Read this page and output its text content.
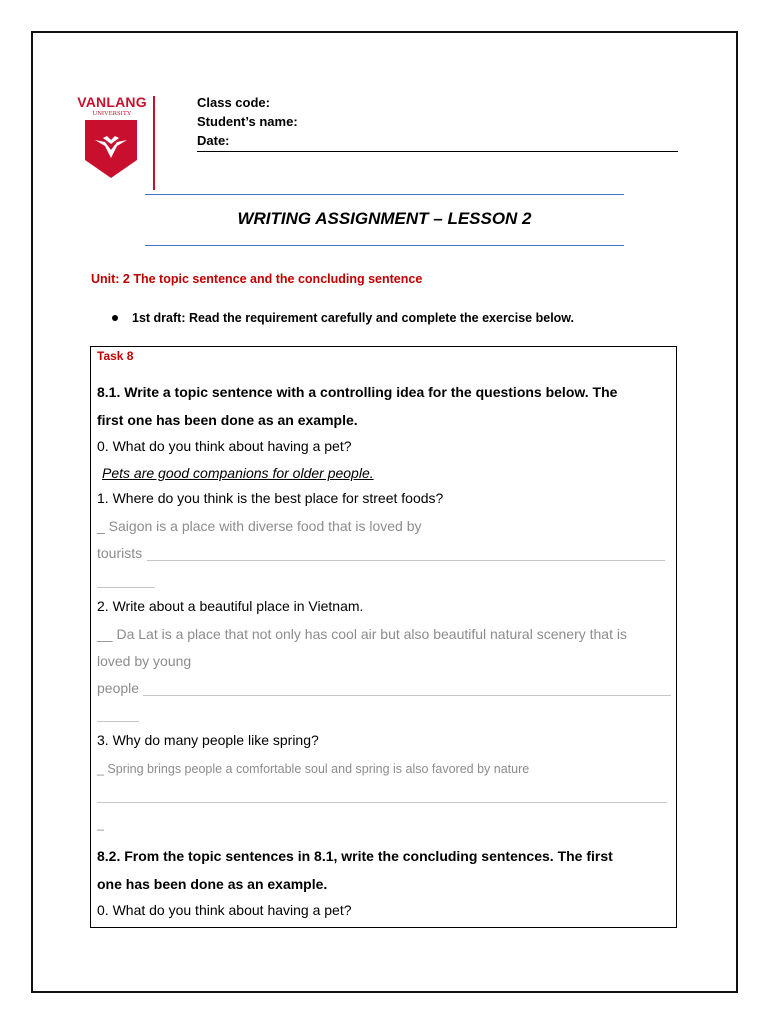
VANLANG
UNIVERSITY
Class code:
Student’s name:
Date:
WRITING ASSIGNMENT – LESSON 2
Unit: 2 The topic sentence and the concluding sentence
1st draft: Read the requirement carefully and complete the exercise below.
Task 8
8.1. Write a topic sentence with a controlling idea for the questions below. The
first one has been done as an example.
0. What do you think about having a pet?
Pets are good companions for older people.
1. Where do you think is the best place for street foods?
_ Saigon is a place with diverse food that is loved by
tourists
2. Write about a beautiful place in Vietnam.
__ Da Lat is a place that not only has cool air but also beautiful natural scenery that is
loved by young
people
3. Why do many people like spring?
_ Spring brings people a comfortable soul and spring is also favored by nature
_
8.2. From the topic sentences in 8.1, write the concluding sentences. The first
one has been done as an example.
0. What do you think about having a pet?
